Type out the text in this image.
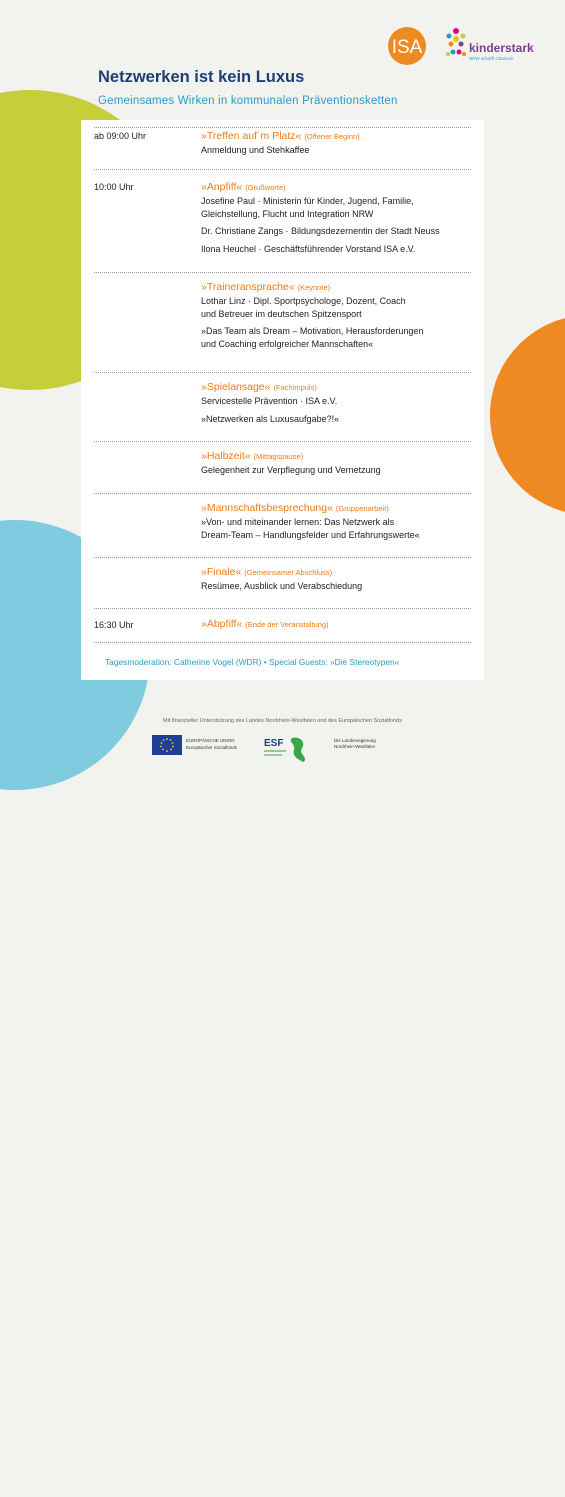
ISA	kinderstark
NRW schafft Chancen
Netzwerken ist kein Luxus

Gemeinsames Wirken in kommunalen Präventionsketten

ab 09:00 Uhr	»Treffen auf´m Platz« (Offener Beginn)
Anmeldung und Stehkaffee
10:00 Uhr	»Anpfiff« (Grußworte)
Josefine Paul · Ministerin für Kinder, Jugend, Familie,
Gleichstellung, Flucht und Integration NRW
Dr. Christiane Zangs · Bildungsdezernentin der Stadt Neuss
Ilona Heuchel · Geschäftsführender Vorstand ISA e.V.
»Traineransprache« (Keynote)
Lothar Linz · Dipl. Sportpsychologe, Dozent, Coach
und Betreuer im deutschen Spitzensport
»Das Team als Dream – Motivation, Herausforderungen
und Coaching erfolgreicher Mannschaften«
»Spielansage« (Fachimpuls)
Servicestelle Prävention · ISA e.V.
»Netzwerken als Luxusaufgabe?!«
»Halbzeit« (Mittagspause)
Gelegenheit zur Verpflegung und Vernetzung
»Mannschaftsbesprechung« (Gruppenarbeit)
»Von- und miteinander lernen: Das Netzwerk als
Dream-Team – Handlungsfelder und Erfahrungswerte«
»Finale« (Gemeinsamer Abschluss)
Resümee, Ausblick und Verabschiedung
16:30 Uhr	»Abpfiff« (Ende der Veranstaltung)
Tagesmoderation: Catherine Vogel (WDR) • Special Guests: »Die Stereotypen«
Mit finanzieller Unterstützung des Landes Nordrhein-Westfalen und des Europäischen Sozialfonds
EUROPÄISCHE UNION
Europäischer Sozialfonds	ESF	Die Landesregierung
Nordrhein-Westfalen
